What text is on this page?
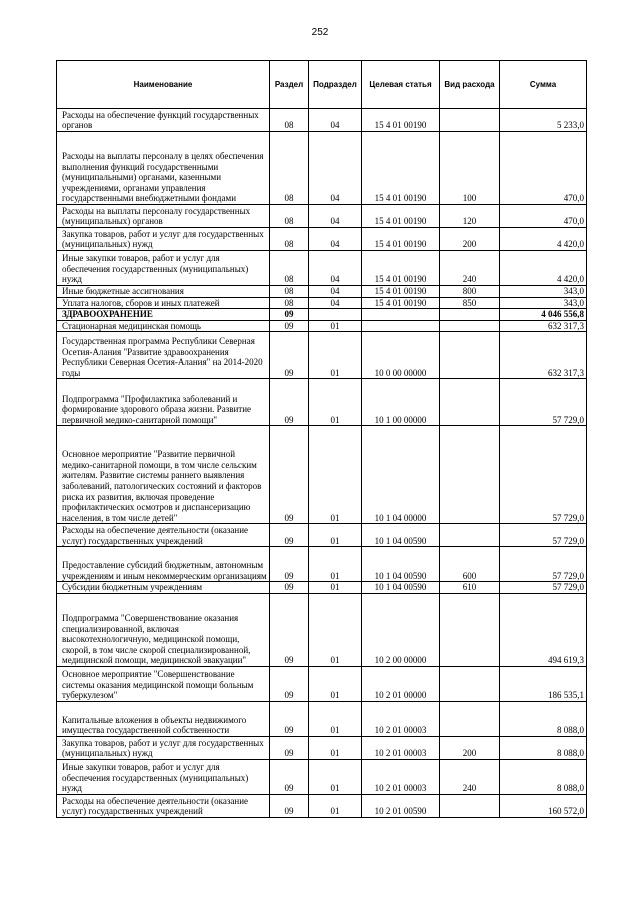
252
Наименование	Раздел	Подраздел	Целевая статья	Вид расхода	Сумма

Расходы на обеспечение функций государственных органов	08	04	15 4 01 00190		5 233,0

Расходы на выплаты персоналу в целях обеспечения выполнения функций государственными (муниципальными) органами, казенными учреждениями, органами управления государственными внебюджетными фондами	08	04	15 4 01 00190	100	470,0

Расходы на выплаты персоналу государственных (муниципальных) органов	08	04	15 4 01 00190	120	470,0

Закупка товаров, работ и услуг для государственных (муниципальных) нужд	08	04	15 4 01 00190	200	4 420,0

Иные закупки товаров, работ и услуг для обеспечения государственных (муниципальных) нужд	08	04	15 4 01 00190	240	4 420,0

Иные бюджетные ассигнования	08	04	15 4 01 00190	800	343,0

Уплата налогов, сборов и иных платежей	08	04	15 4 01 00190	850	343,0

ЗДРАВООХРАНЕНИЕ	09				4 046 556,8

Стационарная медицинская помощь	09	01			632 317,3

Государственная программа Республики Северная Осетия-Алания "Развитие здравоохранения Республики Северная Осетия-Алания" на 2014-2020 годы	09	01	10 0 00 00000		632 317,3

Подпрограмма "Профилактика заболеваний и формирование здорового образа жизни. Развитие первичной медико-санитарной помощи"	09	01	10 1 00 00000		57 729,0

Основное мероприятие "Развитие первичной медико-санитарной помощи, в том числе сельским жителям. Развитие системы раннего выявления заболеваний, патологических состояний и факторов риска их развития, включая проведение профилактических осмотров и диспансеризацию населения, в том числе детей"	09	01	10 1 04 00000		57 729,0

Расходы на обеспечение деятельности (оказание услуг) государственных учреждений	09	01	10 1 04 00590		57 729,0

Предоставление субсидий бюджетным, автономным учреждениям и иным некоммерческим организациям	09	01	10 1 04 00590	600	57 729,0

Субсидии бюджетным учреждениям	09	01	10 1 04 00590	610	57 729,0

Подпрограмма "Совершенствование оказания специализированной, включая высокотехнологичную, медицинской помощи, скорой, в том числе скорой специализированной, медицинской помощи, медицинской эвакуации"	09	01	10 2 00 00000		494 619,3

Основное мероприятие "Совершенствование системы оказания медицинской помощи больным туберкулезом"	09	01	10 2 01 00000		186 535,1

Капитальные вложения в объекты недвижимого имущества государственной собственности	09	01	10 2 01 00003		8 088,0

Закупка товаров, работ и услуг для государственных (муниципальных) нужд	09	01	10 2 01 00003	200	8 088,0

Иные закупки товаров, работ и услуг для обеспечения государственных (муниципальных) нужд	09	01	10 2 01 00003	240	8 088,0

Расходы на обеспечение деятельности (оказание услуг) государственных учреждений	09	01	10 2 01 00590		160 572,0
